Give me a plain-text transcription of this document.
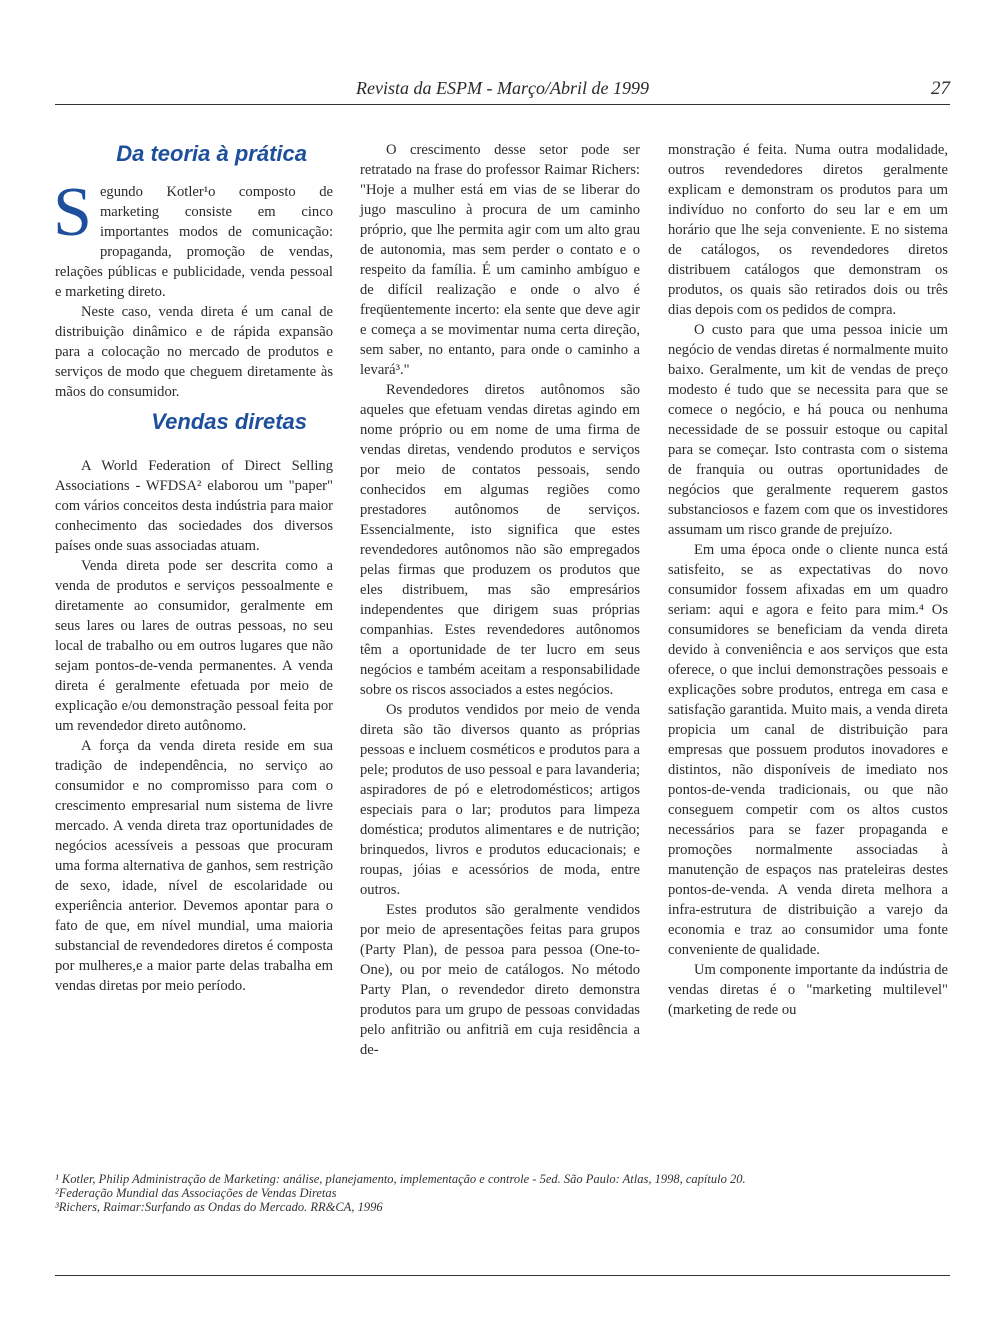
Revista da ESPM - Março/Abril de 1999	27
Da teoria à prática

Segundo Kotler¹o composto de marketing consiste em cinco importantes modos de comunicação: propaganda, promoção de vendas, relações públicas e publicidade, venda pessoal e marketing direto.

Neste caso, venda direta é um canal de distribuição dinâmico e de rápida expansão para a colocação no mercado de produtos e serviços de modo que cheguem diretamente às mãos do consumidor.

Vendas diretas

A World Federation of Direct Selling Associations - WFDSA² elaborou um "paper" com vários conceitos desta indústria para maior conhecimento das sociedades dos diversos países onde suas associadas atuam.

Venda direta pode ser descrita como a venda de produtos e serviços pessoalmente e diretamente ao consumidor, geralmente em seus lares ou lares de outras pessoas, no seu local de trabalho ou em outros lugares que não sejam pontos-de-venda permanentes. A venda direta é geralmente efetuada por meio de explicação e/ou demonstração pessoal feita por um revendedor direto autônomo.

A força da venda direta reside em sua tradição de independência, no serviço ao consumidor e no compromisso para com o crescimento empresarial num sistema de livre mercado. A venda direta traz oportunidades de negócios acessíveis a pessoas que procuram uma forma alternativa de ganhos, sem restrição de sexo, idade, nível de escolaridade ou experiência anterior. Devemos apontar para o fato de que, em nível mundial, uma maioria substancial de revendedores diretos é composta por mulheres,e a maior parte delas trabalha em vendas diretas por meio período.

O crescimento desse setor pode ser retratado na frase do professor Raimar Richers: "Hoje a mulher está em vias de se liberar do jugo masculino à procura de um caminho próprio, que lhe permita agir com um alto grau de autonomia, mas sem perder o contato e o respeito da família. É um caminho ambíguo e de difícil realização e onde o alvo é freqüentemente incerto: ela sente que deve agir e começa a se movimentar numa certa direção, sem saber, no entanto, para onde o caminho a levará³."

Revendedores diretos autônomos são aqueles que efetuam vendas diretas agindo em nome próprio ou em nome de uma firma de vendas diretas, vendendo produtos e serviços por meio de contatos pessoais, sendo conhecidos em algumas regiões como prestadores autônomos de serviços. Essencialmente, isto significa que estes revendedores autônomos não são empregados pelas firmas que produzem os produtos que eles distribuem, mas são empresários independentes que dirigem suas próprias companhias. Estes revendedores autônomos têm a oportunidade de ter lucro em seus negócios e também aceitam a responsabilidade sobre os riscos associados a estes negócios.

Os produtos vendidos por meio de venda direta são tão diversos quanto as próprias pessoas e incluem cosméticos e produtos para a pele; produtos de uso pessoal e para lavanderia; aspiradores de pó e eletrodomésticos; artigos especiais para o lar; produtos para limpeza doméstica; produtos alimentares e de nutrição; brinquedos, livros e produtos educacionais; e roupas, jóias e acessórios de moda, entre outros.

Estes produtos são geralmente vendidos por meio de apresentações feitas para grupos (Party Plan), de pessoa para pessoa (One-to-One), ou por meio de catálogos. No método Party Plan, o revendedor direto demonstra produtos para um grupo de pessoas convidadas pelo anfitrião ou anfitriã em cuja residência a de-

monstração é feita. Numa outra modalidade, outros revendedores diretos geralmente explicam e demonstram os produtos para um indivíduo no conforto do seu lar e em um horário que lhe seja conveniente. E no sistema de catálogos, os revendedores diretos distribuem catálogos que demonstram os produtos, os quais são retirados dois ou três dias depois com os pedidos de compra.

O custo para que uma pessoa inicie um negócio de vendas diretas é normalmente muito baixo. Geralmente, um kit de vendas de preço modesto é tudo que se necessita para que se comece o negócio, e há pouca ou nenhuma necessidade de se possuir estoque ou capital para se começar. Isto contrasta com o sistema de franquia ou outras oportunidades de negócios que geralmente requerem gastos substanciosos e fazem com que os investidores assumam um risco grande de prejuízo.

Em uma época onde o cliente nunca está satisfeito, se as expectativas do novo consumidor fossem afixadas em um quadro seriam: aqui e agora e feito para mim.⁴ Os consumidores se beneficiam da venda direta devido à conveniência e aos serviços que esta oferece, o que inclui demonstrações pessoais e explicações sobre produtos, entrega em casa e satisfação garantida. Muito mais, a venda direta propicia um canal de distribuição para empresas que possuem produtos inovadores e distintos, não disponíveis de imediato nos pontos-de-venda tradicionais, ou que não conseguem competir com os altos custos necessários para se fazer propaganda e promoções normalmente associadas à manutenção de espaços nas prateleiras destes pontos-de-venda. A venda direta melhora a infra-estrutura de distribuição a varejo da economia e traz ao consumidor uma fonte conveniente de qualidade.

Um componente importante da indústria de vendas diretas é o "marketing multilevel" (marketing de rede ou

¹ Kotler, Philip Administração de Marketing: análise, planejamento, implementação e controle - 5ed. São Paulo: Atlas, 1998, capítulo 20.
²Federação Mundial das Associações de Vendas Diretas
³Richers, Raimar:Surfando as Ondas do Mercado. RR&CA, 1996
